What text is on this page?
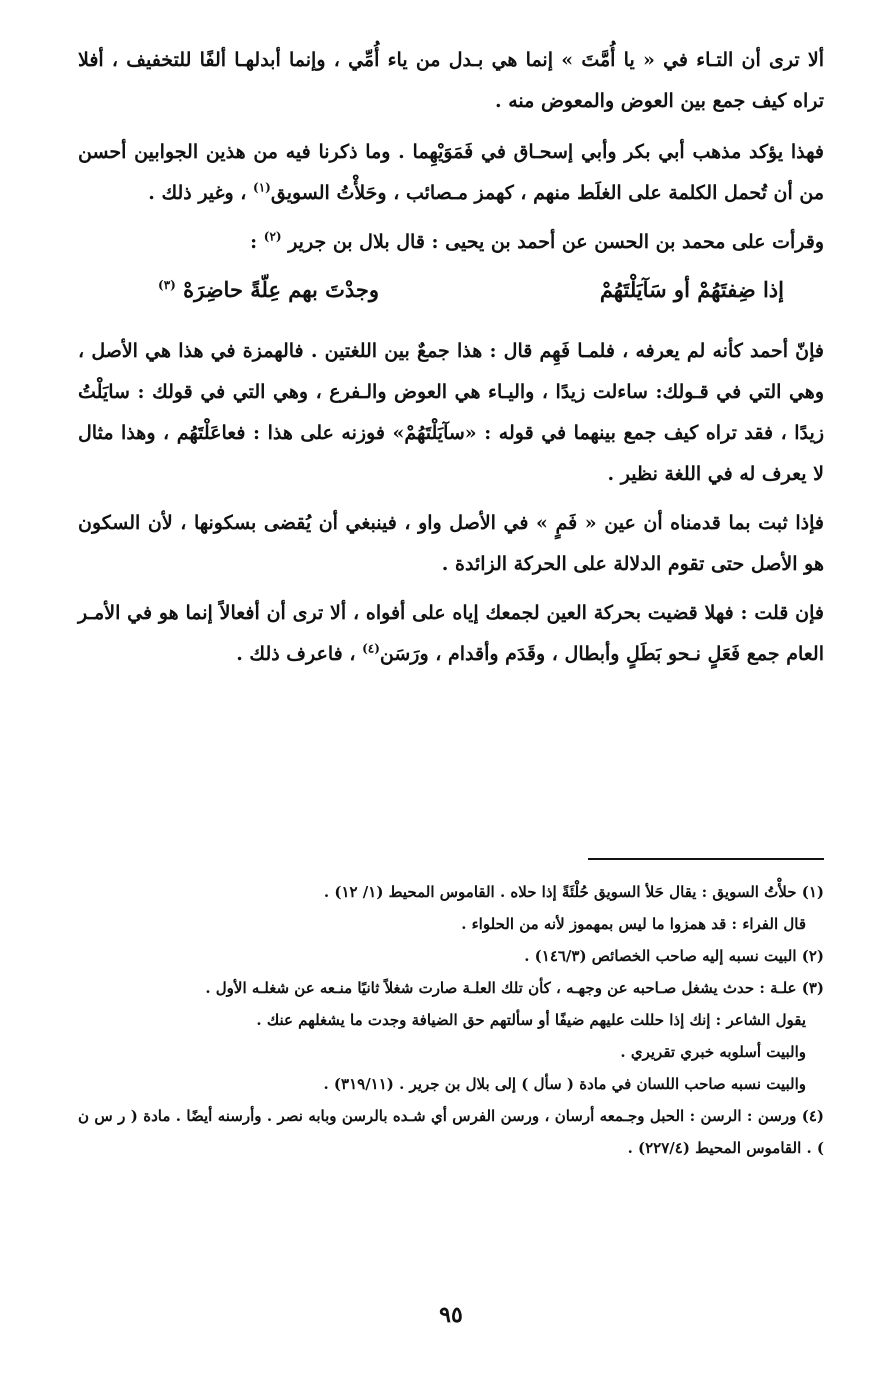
ألا ترى أن التـاء في « يا أُمَّتَ » إنما هي بـدل من ياء أُمِّي ، وإنما أبدلهـا ألفًا للتخفيف ، أفلا تراه كيف جمع بين العوض والمعوض منه .

فهذا يؤكد مذهب أبي بكر وأبي إسحـاق في فَمَوَيْهِما . وما ذكرنا فيه من هذين الجوابين أحسن من أن تُحمل الكلمة على الغلَط منهم ، كهمز مـصائب ، وحَلأْتُ السويق$^{(١)}$ ، وغير ذلك .

وقرأت على محمد بن الحسن عن أحمد بن يحيى : قال بلال بن جرير $^{(٢)}$ :

إذا ضِفتَهُمْ أو سَآيَلْتَهُمْ
وجدْتَ بهم عِلّةً حاضِرَهْ $^{(٣)}$

فإنّ أحمد كأنه لم يعرفه ، فلمـا فَهِم قال : هذا جمعٌ بين اللغتين . فالهمزة في هذا هي الأصل ، وهي التي في قـولك: ساءلت زيدًا ، واليـاء هي العوض والـفرع ، وهي التي في قولك : سايَلْتُ زيدًا ، فقد تراه كيف جمع بينهما في قوله : «سآيَلْتَهُمْ» فوزنه على هذا : فعاعَلْتَهُم ، وهذا مثال لا يعرف له في اللغة نظير .

فإذا ثبت بما قدمناه أن عين « فَمٍ » في الأصل واو ، فينبغي أن يُقضى بسكونها ، لأن السكون هو الأصل حتى تقوم الدلالة على الحركة الزائدة .

فإن قلت : فهلا قضيت بحركة العين لجمعك إياه على أفواه ، ألا ترى أن أفعالاً إنما هو في الأمـر العام جمع فَعَلٍ نـحو بَطَلٍ وأبطال ، وقَدَم وأقدام ، ورَسَن$^{(٤)}$ ، فاعرف ذلك .

(١) حلأْتُ السويق : يقال حَلأ السويق حُلْئَةً إذا حلاه . القاموس المحيط (١/ ١٢) .

قال الفراء : قد همزوا ما ليس بمهموز لأنه من الحلواء .

(٢) البيت نسبه إليه صاحب الخصائص (١٤٦/٣) .

(٣) علـة : حدث يشغل صـاحبه عن وجهـه ، كأن تلك العلـة صارت شغلاً ثانيًا منـعه عن شغلـه الأول .

يقول الشاعر : إنك إذا حللت عليهم ضيفًا أو سألتهم حق الضيافة وجدت ما يشغلهم عنك .

والبيت أسلوبه خبري تقريري .

والبيت نسبه صاحب اللسان في مادة ( سأل ) إلى بلال بن جرير . (٣١٩/١١) .

(٤) ورسن : الرسن : الحبل وجـمعه أرسان ، ورسن الفرس أي شـده بالرسن وبابه نصر . وأرسنه أيضًا . مادة ( ر س ن ) . القاموس المحيط (٢٢٧/٤) .

٩٥
